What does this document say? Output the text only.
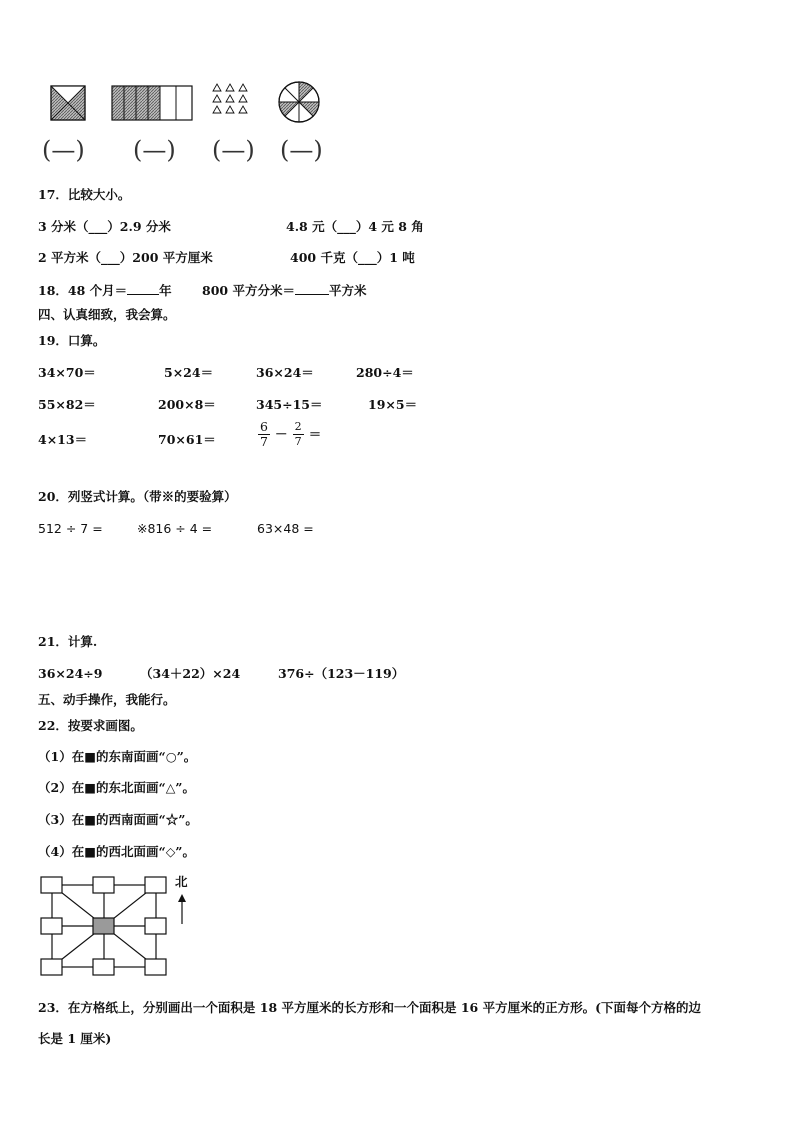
(—) (—) (—) (—)
17．比较大小。
3 分米（___）2.9 分米	4.8 元（___）4 元 8 角
2 平方米（___）200 平方厘米	400 千克（___）1 吨
18．48 个月＝	年 800 平方分米＝	平方米
四、认真细致，我会算。
19．口算。
34×70＝	5×24＝	36×24＝	280÷4＝
55×82＝	200×8＝	345÷15＝	19×5＝
4×13＝	70×61＝	$\frac{6}{7} - \frac{2}{7}$ ＝
20．列竖式计算。（带※的要验算）
512 ÷ 7 =	※816 ÷ 4 =	63×48 =
21．计算.
36×24÷9	（34＋22）×24	376÷（123－119）
五、动手操作，我能行。
22．按要求画图。
（1）在■的东南面画“○”。
（2）在■的东北面画“△”。
（3）在■的西南面画“☆”。
（4）在■的西北面画“◇”。
北
23．在方格纸上，分别画出一个面积是 18 平方厘米的长方形和一个面积是 16 平方厘米的正方形。(下面每个方格的边
长是 1 厘米)
